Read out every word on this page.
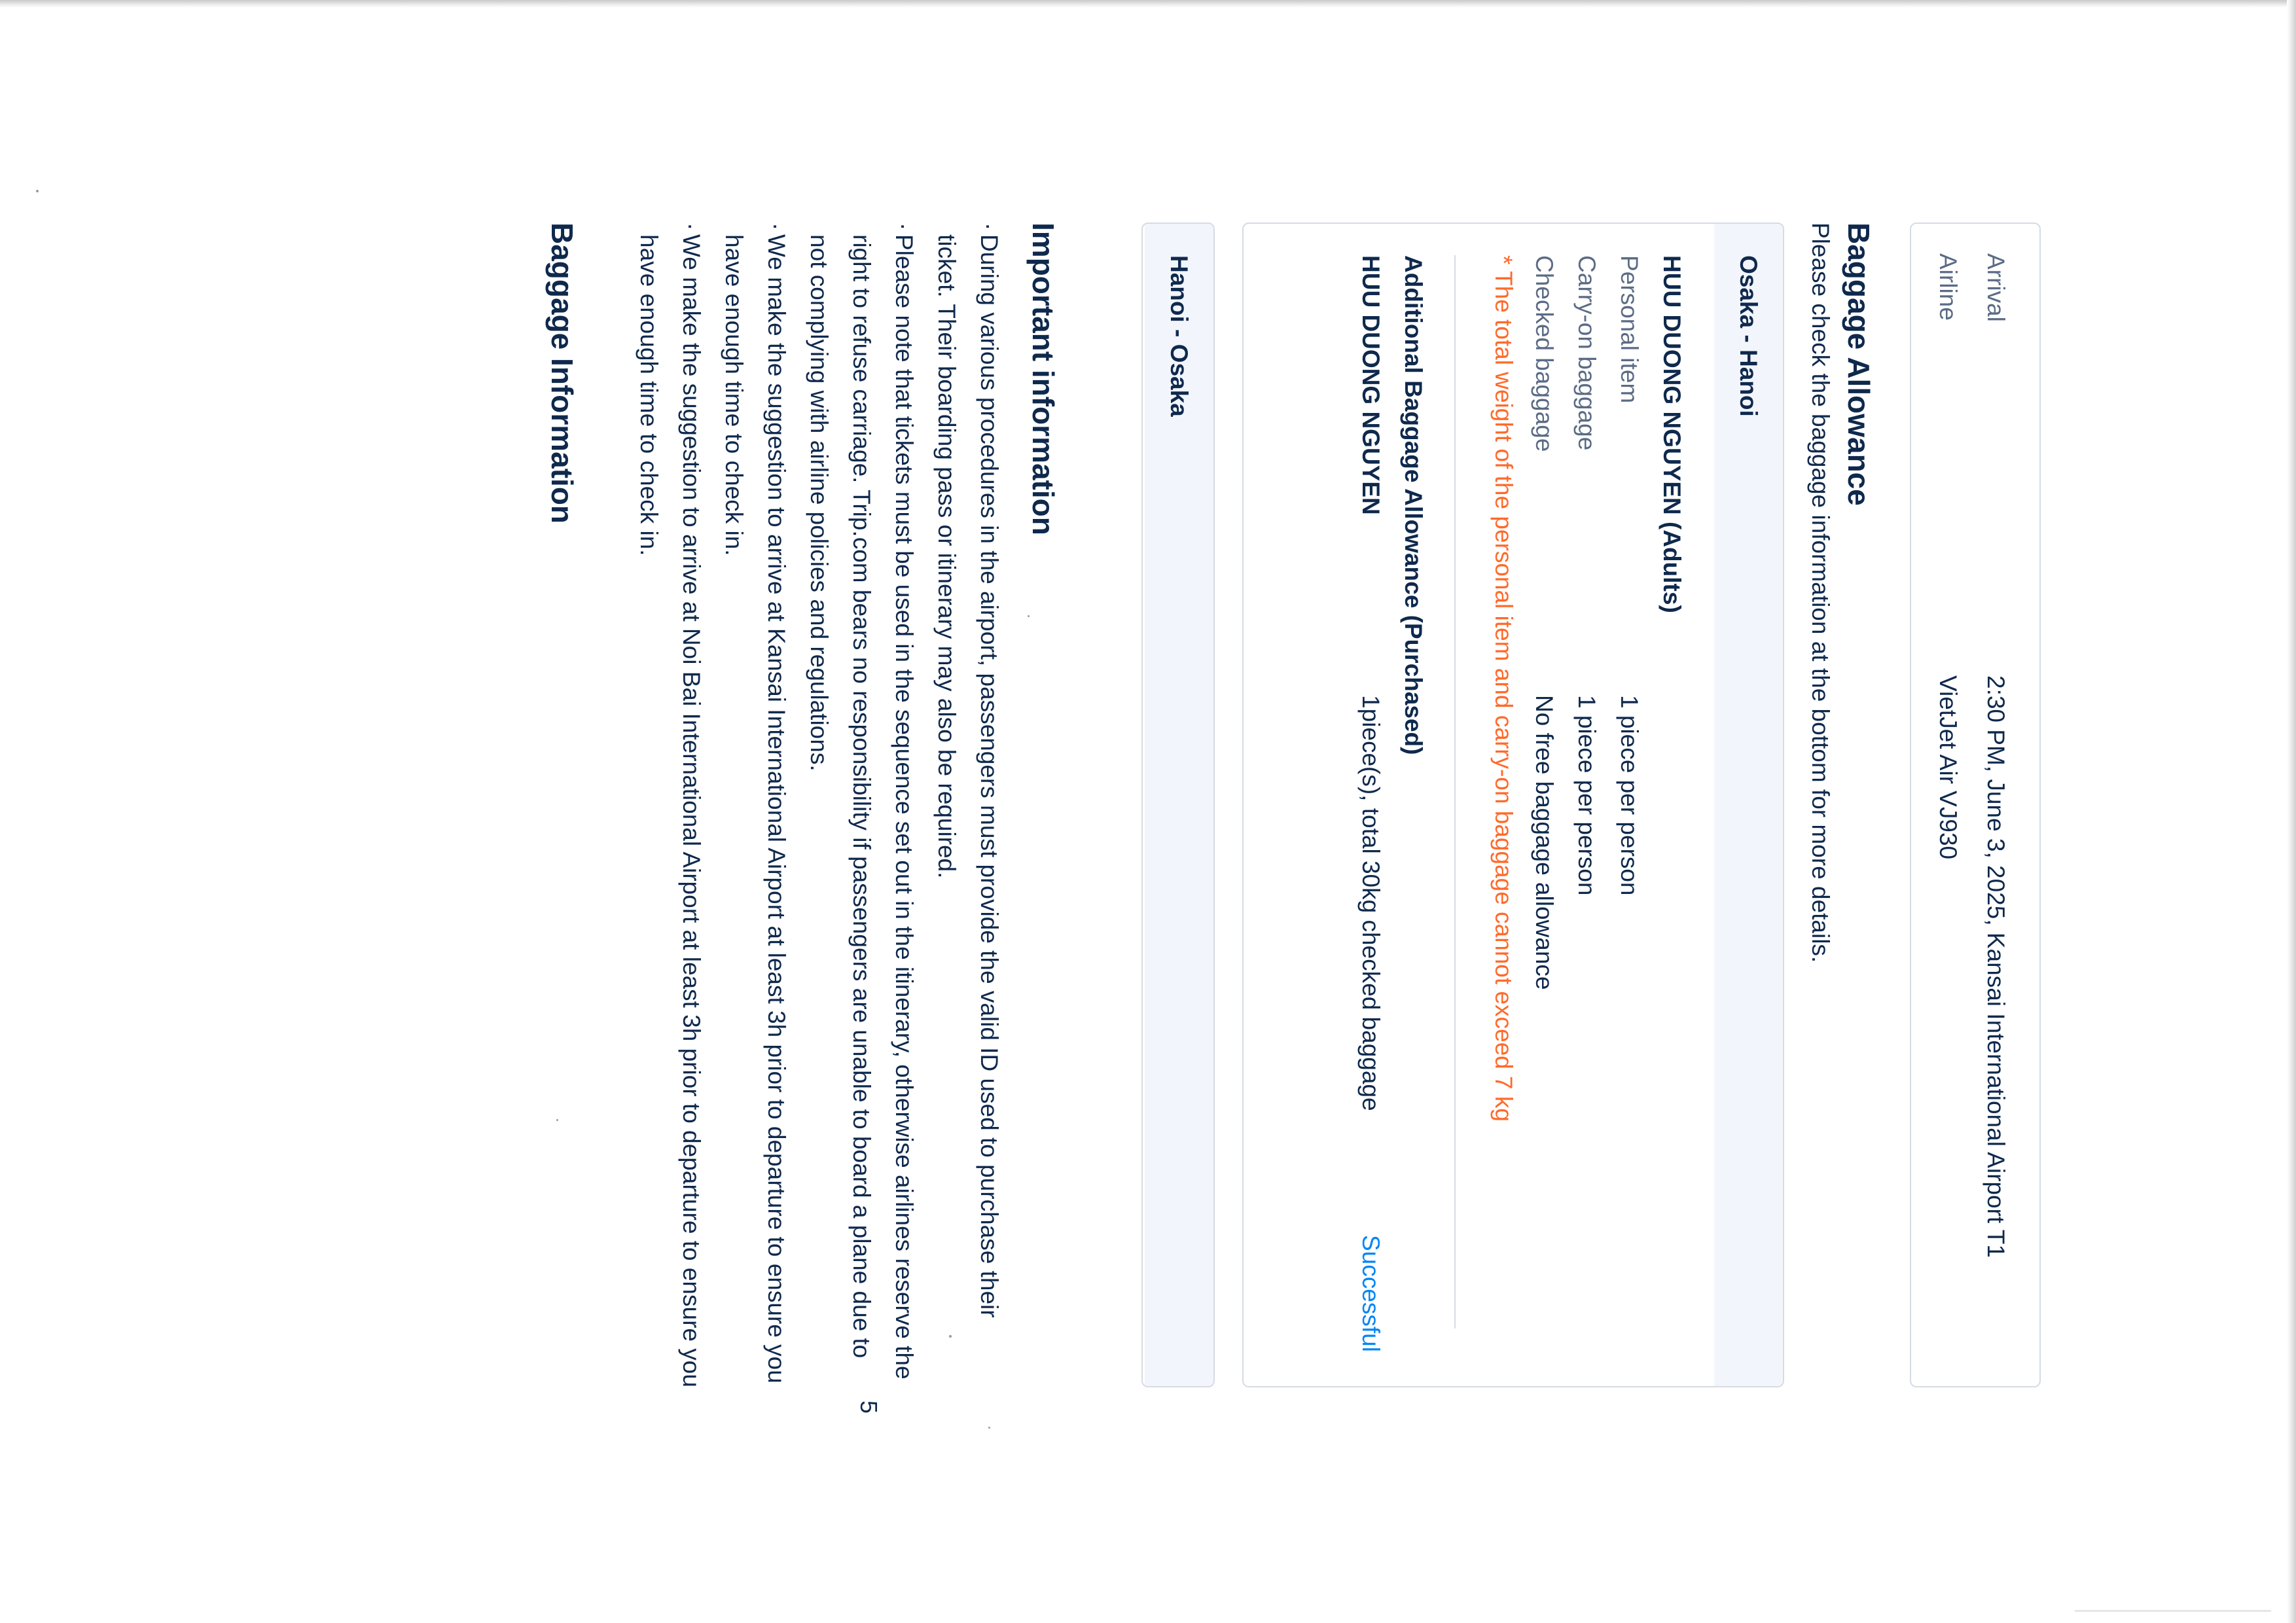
Arrival
2:30 PM, June 3, 2025, Kansai International Airport T1
Airline
VietJet Air VJ930
Baggage Allowance

Please check the baggage information at the bottom for more details.

Osaka - Hanoi
HUU DUONG NGUYEN (Adults)
Personal item
1 piece per person
Carry-on baggage
1 piece per person
Checked baggage
No free baggage allowance
* The total weight of the personal item and carry-on baggage cannot exceed 7 kg
Additional Baggage Allowance (Purchased)
HUU DUONG NGUYEN
1piece(s), total 30kg checked baggage
Successful
Hanoi - Osaka
Important information
·
During various procedures in the airport, passengers must provide the valid ID used to purchase their ticket. Their boarding pass or itinerary may also be required.
·
Please note that tickets must be used in the sequence set out in the itinerary, otherwise airlines reserve the right to refuse carriage. Trip.com bears no responsibility if passengers are unable to board a plane due to not complying with airline policies and regulations.
·
We make the suggestion to arrive at Kansai International Airport at least 3h prior to departure to ensure you have enough time to check in.
·
We make the suggestion to arrive at Noi Bai International Airport at least 3h prior to departure to ensure you have enough time to check in.
Baggage Information
5
